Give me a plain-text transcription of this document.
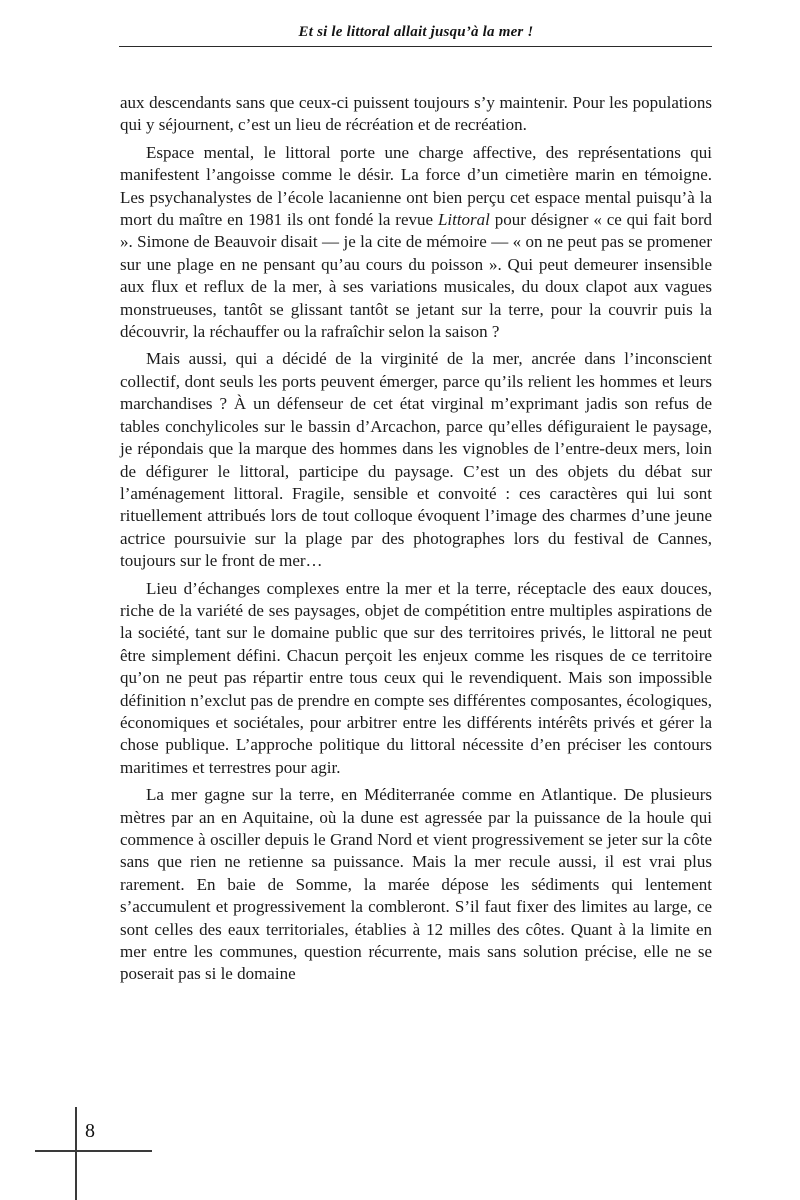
Et si le littoral allait jusqu’à la mer !

aux descendants sans que ceux-ci puissent toujours s’y maintenir. Pour les populations qui y séjournent, c’est un lieu de récréation et de recréation.

Espace mental, le littoral porte une charge affective, des représentations qui manifestent l’angoisse comme le désir. La force d’un cimetière marin en témoigne. Les psychanalystes de l’école lacanienne ont bien perçu cet espace mental puisqu’à la mort du maître en 1981 ils ont fondé la revue Littoral pour désigner « ce qui fait bord ». Simone de Beauvoir disait — je la cite de mémoire — « on ne peut pas se promener sur une plage en ne pensant qu’au cours du poisson ». Qui peut demeurer insensible aux flux et reflux de la mer, à ses variations musicales, du doux clapot aux vagues monstrueuses, tantôt se glissant tantôt se jetant sur la terre, pour la couvrir puis la découvrir, la réchauffer ou la rafraîchir selon la saison ?

Mais aussi, qui a décidé de la virginité de la mer, ancrée dans l’inconscient collectif, dont seuls les ports peuvent émerger, parce qu’ils relient les hommes et leurs marchandises ? À un défenseur de cet état virginal m’exprimant jadis son refus de tables conchylicoles sur le bassin d’Arcachon, parce qu’elles défiguraient le paysage, je répondais que la marque des hommes dans les vignobles de l’entre-deux mers, loin de défigurer le littoral, participe du paysage. C’est un des objets du débat sur l’aménagement littoral. Fragile, sensible et convoité : ces caractères qui lui sont rituellement attribués lors de tout colloque évoquent l’image des charmes d’une jeune actrice poursuivie sur la plage par des photographes lors du festival de Cannes, toujours sur le front de mer…

Lieu d’échanges complexes entre la mer et la terre, réceptacle des eaux douces, riche de la variété de ses paysages, objet de compétition entre multiples aspirations de la société, tant sur le domaine public que sur des territoires privés, le littoral ne peut être simplement défini. Chacun perçoit les enjeux comme les risques de ce territoire qu’on ne peut pas répartir entre tous ceux qui le revendiquent. Mais son impossible définition n’exclut pas de prendre en compte ses différentes composantes, écologiques, économiques et sociétales, pour arbitrer entre les différents intérêts privés et gérer la chose publique. L’approche politique du littoral nécessite d’en préciser les contours maritimes et terrestres pour agir.

La mer gagne sur la terre, en Méditerranée comme en Atlantique. De plusieurs mètres par an en Aquitaine, où la dune est agressée par la puissance de la houle qui commence à osciller depuis le Grand Nord et vient progressivement se jeter sur la côte sans que rien ne retienne sa puissance. Mais la mer recule aussi, il est vrai plus rarement. En baie de Somme, la marée dépose les sédiments qui lentement s’accumulent et progressivement la combleront. S’il faut fixer des limites au large, ce sont celles des eaux territoriales, établies à 12 milles des côtes. Quant à la limite en mer entre les communes, question récurrente, mais sans solution précise, elle ne se poserait pas si le domaine

8
